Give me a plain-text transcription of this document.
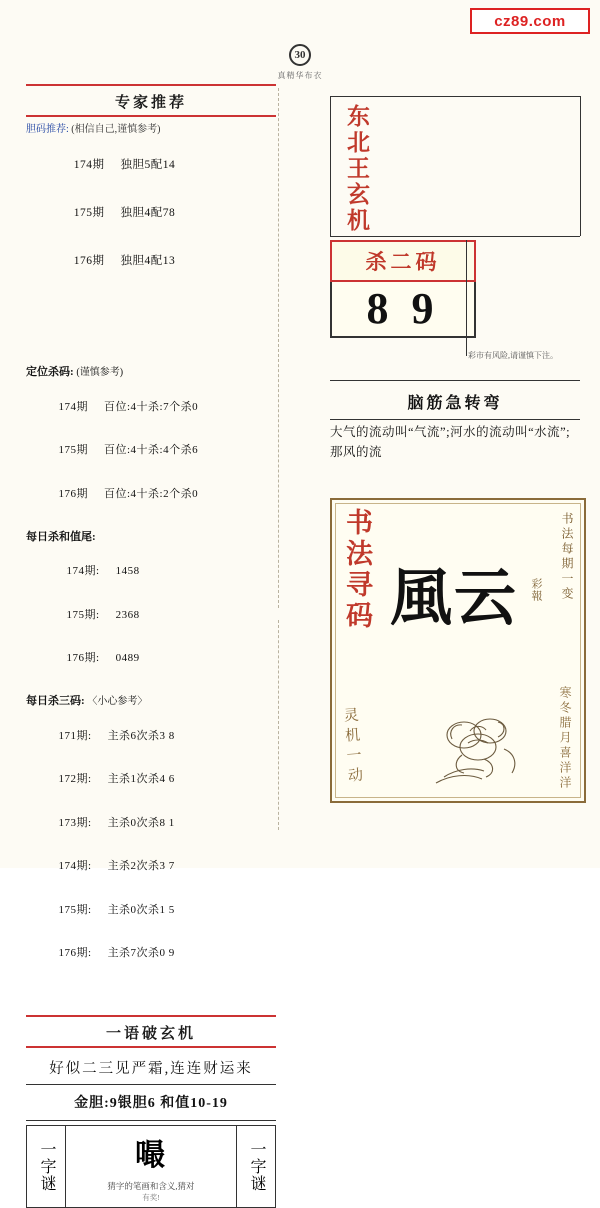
cz89.com
30
真精华布衣
专家推荐
胆码推荐: (相信自己,谨慎参考)

174期 独胆5配14

175期 独胆4配78

176期 独胆4配13

定位杀码: (谨慎参考)

174期 百位:4十杀:7个杀0

175期 百位:4十杀:4个杀6

176期 百位:4十杀:2个杀0

每日杀和值尾:

174期: 1458

175期: 2368

176期: 0489

每日杀三码: 〈小心参考〉

171期: 主杀6次杀3 8

172期: 主杀1次杀4 6

173期: 主杀0次杀8 1

174期: 主杀2次杀3 7

175期: 主杀0次杀1 5

176期: 主杀7次杀0 9

一语破玄机
好似二三见严霜,连连财运来
金胆:9银胆6 和值10-19
一字谜	嘬
猜字的笔画和含义,猜对
有奖!
一字谜
东北王玄机
杀二码
8 9
彩市有风险,请谨慎下注。
脑筋急转弯
大气的流动叫“气流”;河水的流动叫“水流”;那风的流
书法寻码 風云	书法每期一变
彩報
灵机一动	寒冬腊月喜洋洋
